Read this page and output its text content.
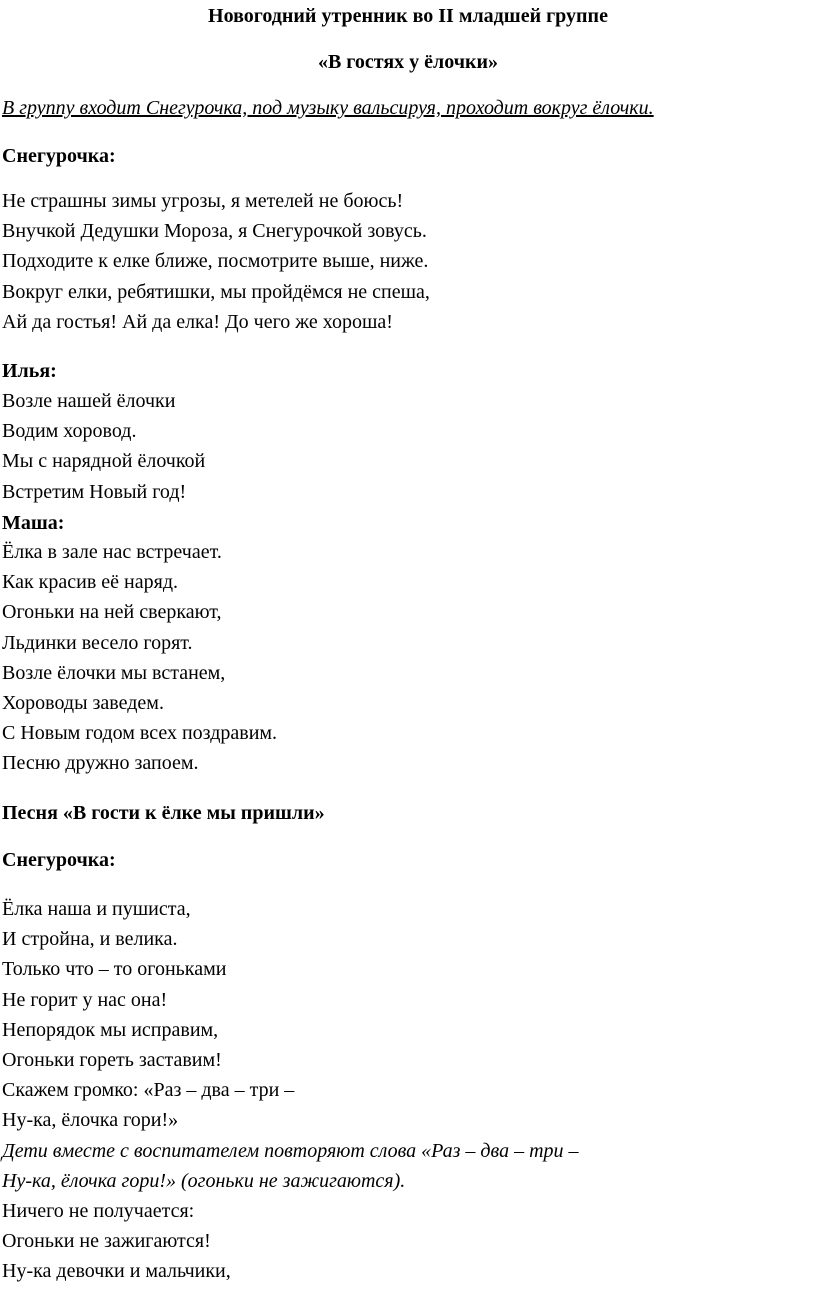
Новогодний утренник во II младшей группе
«В гостях у ёлочки»
В группу входит Снегурочка, под музыку вальсируя, проходит вокруг ёлочки.
Снегурочка:
Не страшны зимы угрозы, я метелей не боюсь!
Внучкой Дедушки Мороза, я Снегурочкой зовусь.
Подходите к елке ближе, посмотрите выше, ниже.
Вокруг елки, ребятишки, мы пройдёмся не спеша,
Ай да гостья! Ай да елка! До чего же хороша!
Илья:
Возле нашей ёлочки
Водим хоровод.
Мы с нарядной ёлочкой
Встретим Новый год!
Маша:
Ёлка в зале нас встречает.
Как красив её наряд.
Огоньки на ней сверкают,
Льдинки весело горят.
Возле ёлочки мы встанем,
Хороводы заведем.
С Новым годом всех поздравим.
Песню дружно запоем.
Песня «В гости к ёлке мы пришли»
Снегурочка:
Ёлка наша и пушиста,
И стройна, и велика.
Только что – то огоньками
Не горит у нас она!
Непорядок мы исправим,
Огоньки гореть заставим!
Скажем громко: «Раз – два – три –
Ну-ка, ёлочка гори!»
Дети вместе с воспитателем повторяют слова «Раз – два – три –
Ну-ка, ёлочка гори!» (огоньки не зажигаются).
Ничего не получается:
Огоньки не зажигаются!
Ну-ка девочки и мальчики,
